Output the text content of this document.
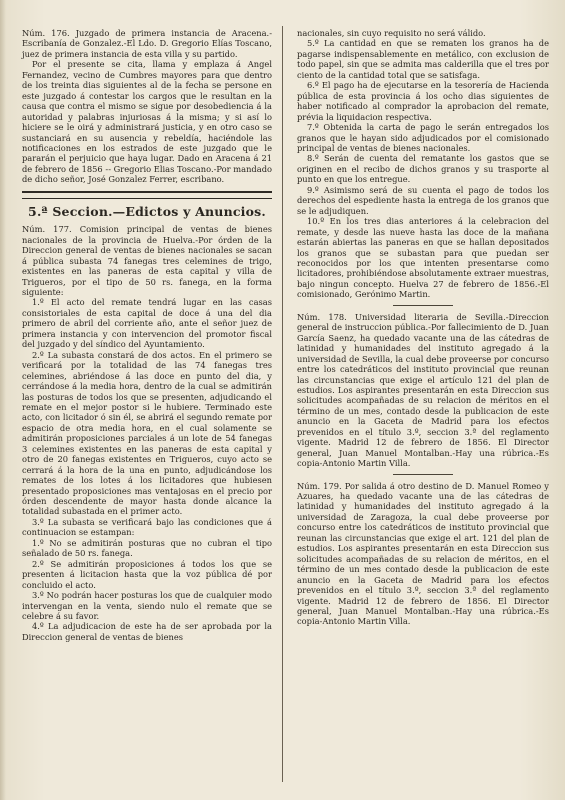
Núm. 176. Juzgado de primera instancia de Aracena.-Escribanía de Gonzalez.-El Ldo. D. Gregorio Elías Toscano, juez de primera instancia de esta villa y su partido.

Por el presente se cita, llama y emplaza á Angel Fernandez, vecino de Cumbres mayores para que dentro de los treinta dias siguientes al de la fecha se persone en este juzgado á contestar los cargos que le resultan en la causa que contra el mismo se sigue por desobediencia á la autoridad y palabras injuriosas á la misma; y si así lo hiciere se le oirá y administrará justicia, y en otro caso se sustanciará en su ausencia y rebeldía, haciéndole las notificaciones en los estrados de este juzgado que le pararán el perjuicio que haya lugar. Dado en Aracena á 21 de febrero de 1856 -- Gregorio Elias Toscano.-Por mandado de dicho señor, José Gonzalez Ferrer, escribano.

5.ª Seccion.—Edictos y Anuncios.

Núm. 177. Comision principal de ventas de bienes nacionales de la provincia de Huelva.-Por órden de la Direccion general de ventas de bienes nacionales se sacan á pública subasta 74 fanegas tres celemines de trigo, existentes en las paneras de esta capital y villa de Trigueros, por el tipo de 50 rs. fanega, en la forma siguiente:

1.º El acto del remate tendrá lugar en las casas consistoriales de esta capital de doce á una del dia primero de abril del corriente año, ante el señor juez de primera instancia y con intervencion del promotor fiscal del juzgado y del síndico del Ayuntamiento.

2.º La subasta constará de dos actos. En el primero se verificará por la totalidad de las 74 fanegas tres celemines, abriéndose á las doce en punto del dia, y cerrándose á la media hora, dentro de la cual se admitirán las posturas de todos los que se presenten, adjudicando el remate en el mejor postor si le hubiere. Terminado este acto, con licitador ó sin él, se abrirá el segundo remate por espacio de otra media hora, en el cual solamente se admitirán proposiciones parciales á un lote de 54 fanegas 3 celemines existentes en las paneras de esta capital y otro de 20 fanegas existentes en Trigueros, cuyo acto se cerrará á la hora de la una en punto, adjudicándose los remates de los lotes á los licitadores que hubiesen presentado proposiciones mas ventajosas en el precio por órden descendente de mayor hasta donde alcance la totalidad subastada en el primer acto.

3.º La subasta se verificará bajo las condiciones que á continuacion se estampan:

1.º No se admitirán posturas que no cubran el tipo señalado de 50 rs. fanega.

2.º Se admitirán proposiciones á todos los que se presenten á licitacion hasta que la voz pública dé por concluido el acto.

3.º No podrán hacer posturas los que de cualquier modo intervengan en la venta, siendo nulo el remate que se celebre á su favor.

4.º La adjudicacion de este ha de ser aprobada por la Direccion general de ventas de bienes

nacionales, sin cuyo requisito no será válido.

5.º La cantidad en que se rematen los granos ha de pagarse indispensablemente en metálico, con exclusion de todo papel, sin que se admita mas calderilla que el tres por ciento de la cantidad total que se satisfaga.

6.º El pago ha de ejecutarse en la tesorería de Hacienda pública de esta provincia á los ocho dias siguientes de haber notificado al comprador la aprobacion del remate, prévia la liquidacion respectiva.

7.º Obtenida la carta de pago le serán entregados los granos que le hayan sido adjudicados por el comisionado principal de ventas de bienes nacionales.

8.º Serán de cuenta del rematante los gastos que se originen en el recibo de dichos granos y su trasporte al punto en que los entregue.

9.º Asimismo será de su cuenta el pago de todos los derechos del espediente hasta la entrega de los granos que se le adjudiquen.

10.º En los tres dias anteriores á la celebracion del remate, y desde las nueve hasta las doce de la mañana estarán abiertas las paneras en que se hallan depositados los granos que se subastan para que puedan ser reconocidos por los que intenten presentarse como licitadores, prohibiéndose absolutamente extraer muestras, bajo ningun concepto. Huelva 27 de febrero de 1856.-El comisionado, Gerónimo Martin.

Núm. 178. Universidad literaria de Sevilla.-Direccion general de instruccion pública.-Por fallecimiento de D. Juan García Saenz, ha quedado vacante una de las cátedras de latinidad y humanidades del instituto agregado á la universidad de Sevilla, la cual debe proveerse por concurso entre los catedráticos del instituto provincial que reunan las circunstancias que exige el artículo 121 del plan de estudios. Los aspirantes presentarán en esta Direccion sus solicitudes acompañadas de su relacion de méritos en el término de un mes, contado desde la publicacion de este anuncio en la Gaceta de Madrid para los efectos prevenidos en el título 3.º, seccion 3.ª del reglamento vigente. Madrid 12 de febrero de 1856. El Director general, Juan Manuel Montalban.-Hay una rúbrica.-Es copia-Antonio Martin Villa.

Núm. 179. Por salida á otro destino de D. Manuel Romeo y Azuares, ha quedado vacante una de las cátedras de latinidad y humanidades del instituto agregado á la universidad de Zaragoza, la cual debe proveerse por concurso entre los catedráticos de instituto provincial que reunan las circunstancias que exige el art. 121 del plan de estudios. Los aspirantes presentarán en esta Direccion sus solicitudes acompañadas de su relacion de méritos, en el término de un mes contado desde la publicacion de este anuncio en la Gaceta de Madrid para los efectos prevenidos en el título 3.º, seccion 3.ª del reglamento vigente. Madrid 12 de febrero de 1856. El Director general, Juan Manuel Montalban.-Hay una rúbrica.-Es copia-Antonio Martin Villa.
